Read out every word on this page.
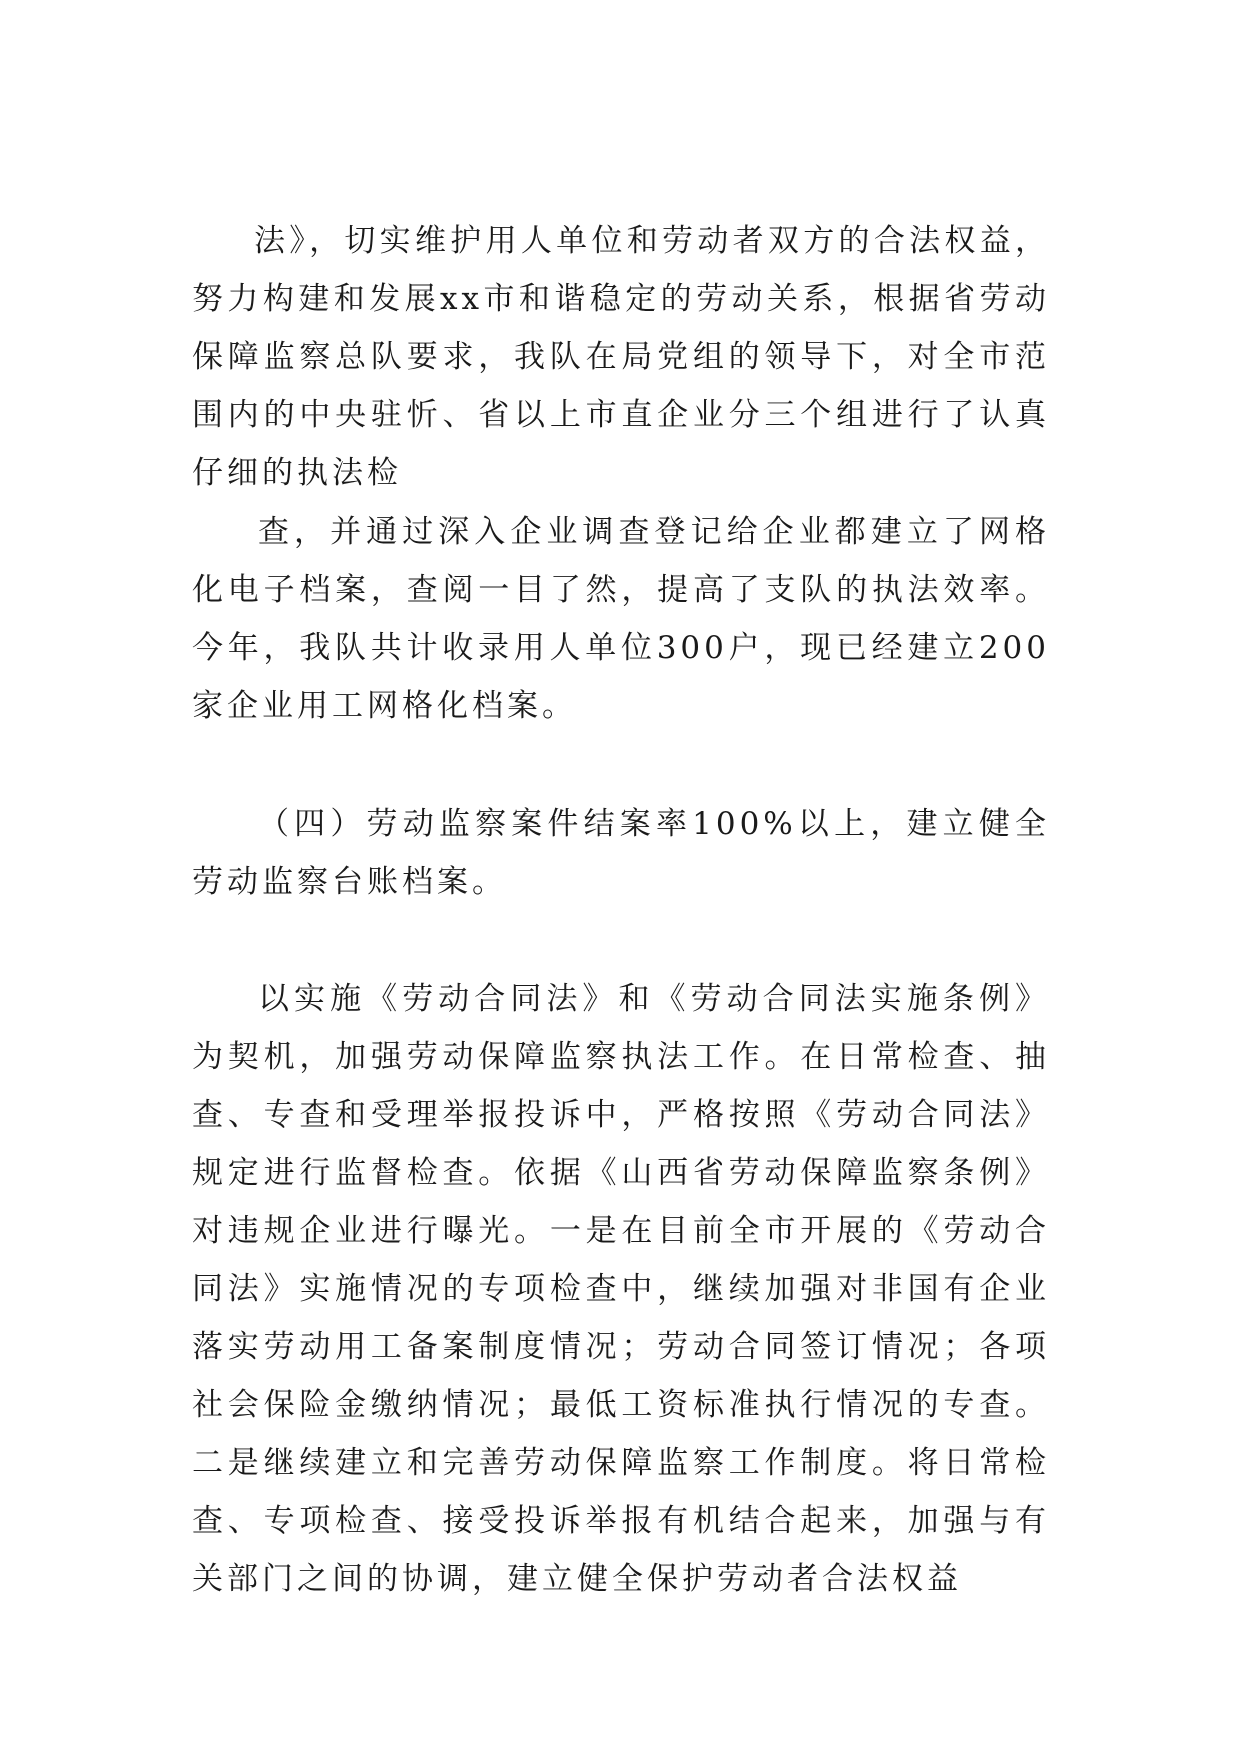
法》，切实维护用人单位和劳动者双方的合法权益，努力构建和发展xx市和谐稳定的劳动关系，根据省劳动保障监察总队要求，我队在局党组的领导下，对全市范围内的中央驻忻、省以上市直企业分三个组进行了认真仔细的执法检

查，并通过深入企业调查登记给企业都建立了网格化电子档案，查阅一目了然，提高了支队的执法效率。今年，我队共计收录用人单位300户，现已经建立200家企业用工网格化档案。

（四）劳动监察案件结案率100%以上，建立健全劳动监察台账档案。

以实施《劳动合同法》和《劳动合同法实施条例》为契机，加强劳动保障监察执法工作。在日常检查、抽查、专查和受理举报投诉中，严格按照《劳动合同法》规定进行监督检查。依据《山西省劳动保障监察条例》对违规企业进行曝光。一是在目前全市开展的《劳动合同法》实施情况的专项检查中，继续加强对非国有企业落实劳动用工备案制度情况；劳动合同签订情况；各项社会保险金缴纳情况；最低工资标准执行情况的专查。二是继续建立和完善劳动保障监察工作制度。将日常检查、专项检查、接受投诉举报有机结合起来，加强与有关部门之间的协调，建立健全保护劳动者合法权益
